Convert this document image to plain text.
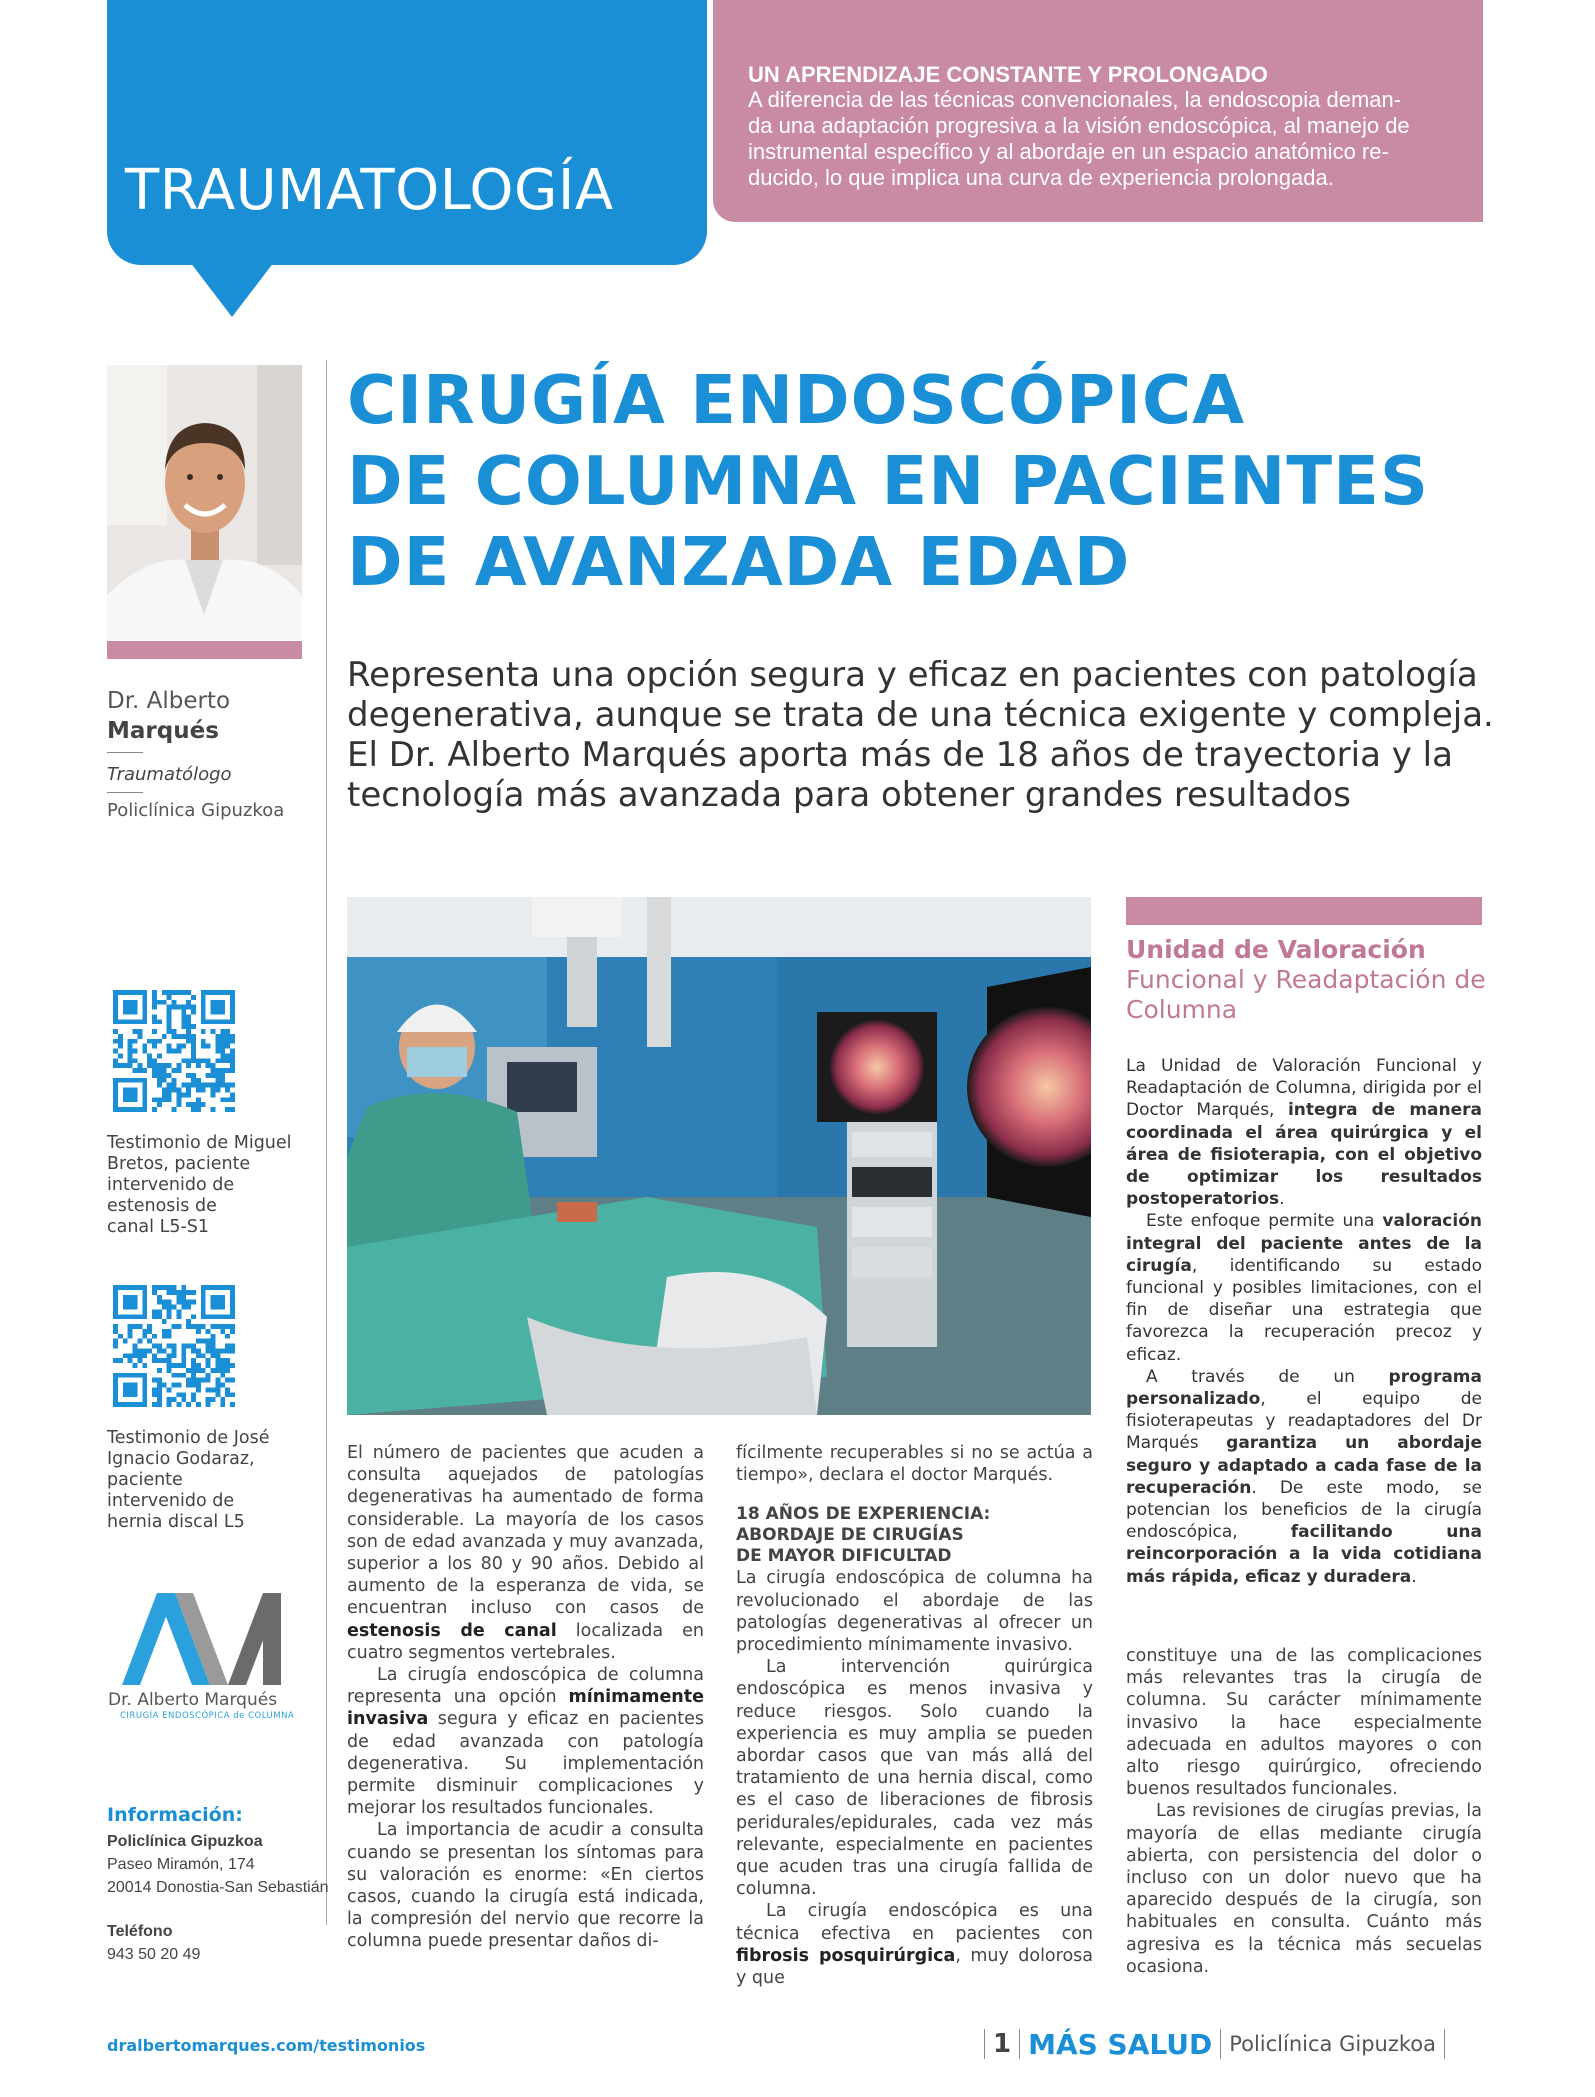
TRAUMATOLOGÍA
UN APRENDIZAJE CONSTANTE Y PROLONGADO
A diferencia de las técnicas convencionales, la endoscopia deman-
da una adaptación progresiva a la visión endoscópica, al manejo de
instrumental específico y al abordaje en un espacio anatómico re-
ducido, lo que implica una curva de experiencia prolongada.
Dr. Alberto
Marqués
Traumatólogo
Policlínica Gipuzkoa
CIRUGÍA ENDOSCÓPICA
DE COLUMNA EN PACIENTES
DE AVANZADA EDAD
Representa una opción segura y eficaz en pacientes con patología
degenerativa, aunque se trata de una técnica exigente y compleja.
El Dr. Alberto Marqués aporta más de 18 años de trayectoria y la
tecnología más avanzada para obtener grandes resultados
Testimonio de Miguel
Bretos, paciente
intervenido de
estenosis de
canal L5-S1
Testimonio de José
Ignacio Godaraz,
paciente
intervenido de
hernia discal L5
Dr. Alberto Marqués
CIRUGÍA ENDOSCÓPICA de COLUMNA
Información:
Policlínica Gipuzkoa
Paseo Miramón, 174
20014 Donostia-San Sebastián
Teléfono
943 50 20 49

El número de pacientes que acuden a consulta aquejados de patologías degenerativas ha aumentado de forma considerable. La mayoría de los casos son de edad avanzada y muy avanzada, superior a los 80 y 90 años. Debido al aumento de la esperanza de vida, se encuentran incluso con casos de estenosis de canal localizada en cuatro segmentos vertebrales.

La cirugía endoscópica de columna representa una opción mínimamente invasiva segura y eficaz en pacientes de edad avanzada con patología degenerativa. Su implementación permite disminuir complicaciones y mejorar los resultados funcionales.

La importancia de acudir a consulta cuando se presentan los síntomas para su valoración es enorme: «En ciertos casos, cuando la cirugía está indicada, la compresión del nervio que recorre la columna puede presentar daños di-

fícilmente recuperables si no se actúa a tiempo», declara el doctor Marqués.

18 AÑOS DE EXPERIENCIA:
ABORDAJE DE CIRUGÍAS
DE MAYOR DIFICULTAD

La cirugía endoscópica de columna ha revolucionado el abordaje de las patologías degenerativas al ofrecer un procedimiento mínimamente invasivo.

La intervención quirúrgica endoscópica es menos invasiva y reduce riesgos. Solo cuando la experiencia es muy amplia se pueden abordar casos que van más allá del tratamiento de una hernia discal, como es el caso de liberaciones de fibrosis peridurales/epidurales, cada vez más relevante, especialmente en pacientes que acuden tras una cirugía fallida de columna.

La cirugía endoscópica es una técnica efectiva en pacientes con fibrosis posquirúrgica, muy dolorosa y que

Unidad de Valoración
Funcional y Readaptación de Columna

La Unidad de Valoración Funcional y Readaptación de Columna, dirigida por el Doctor Marqués, integra de manera coordinada el área quirúrgica y el área de fisioterapia, con el objetivo de optimizar los resultados postoperatorios.

Este enfoque permite una valoración integral del paciente antes de la cirugía, identificando su estado funcional y posibles limitaciones, con el fin de diseñar una estrategia que favorezca la recuperación precoz y eficaz.

A través de un programa personalizado, el equipo de fisioterapeutas y readaptadores del Dr Marqués garantiza un abordaje seguro y adaptado a cada fase de la recuperación. De este modo, se potencian los beneficios de la cirugía endoscópica, facilitando una reincorporación a la vida cotidiana más rápida, eficaz y duradera.

constituye una de las complicaciones más relevantes tras la cirugía de columna. Su carácter mínimamente invasivo la hace especialmente adecuada en adultos mayores o con alto riesgo quirúrgico, ofreciendo buenos resultados funcionales.

Las revisiones de cirugías previas, la mayoría de ellas mediante cirugía abierta, con persistencia del dolor o incluso con un dolor nuevo que ha aparecido después de la cirugía, son habituales en consulta. Cuánto más agresiva es la técnica más secuelas ocasiona.

dralbertomarques.com/testimonios	1 MÁS SALUD Policlínica Gipuzkoa
